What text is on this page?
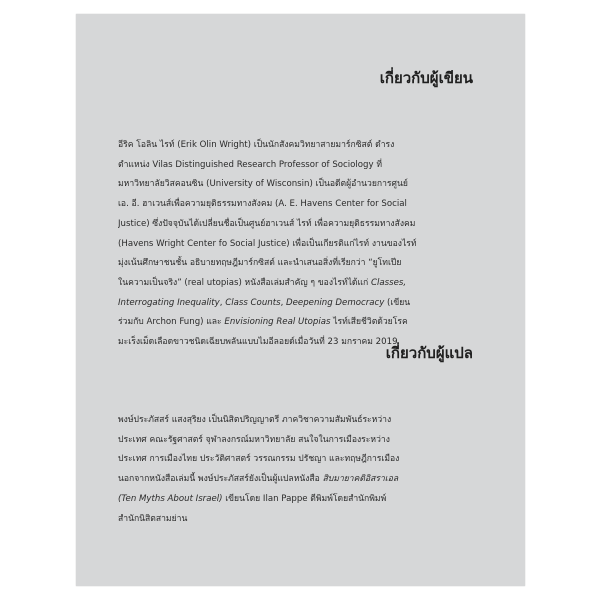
เกี่ยวกับผู้เขียน

อีริค โอลิน ไรท์ (Erik Olin Wright) เป็นนักสังคมวิทยาสายมาร์กซิสต์ ดำรง
ตำแหน่ง Vilas Distinguished Research Professor of Sociology ที่
มหาวิทยาลัยวิสคอนซิน (University of Wisconsin) เป็นอดีตผู้อำนวยการศูนย์
เอ. อี. ฮาเวนส์เพื่อความยุติธรรมทางสังคม (A. E. Havens Center for Social
Justice) ซึ่งปัจจุบันได้เปลี่ยนชื่อเป็นศูนย์ฮาเวนส์ ไรท์ เพื่อความยุติธรรมทางสังคม
(Havens Wright Center fo Social Justice) เพื่อเป็นเกียรติแก่ไรท์ งานของไรท์
มุ่งเน้นศึกษาชนชั้น อธิบายทฤษฎีมาร์กซิสต์ และนำเสนอสิ่งที่เรียกว่า “ยูโทเปีย
ในความเป็นจริง” (real utopias) หนังสือเล่มสำคัญ ๆ ของไรท์ได้แก่ Classes,
Interrogating Inequality, Class Counts, Deepening Democracy (เขียน
ร่วมกับ Archon Fung) และ Envisioning Real Utopias ไรท์เสียชีวิตด้วยโรค
มะเร็งเม็ดเลือดขาวชนิดเฉียบพลันแบบไมอีลอยด์เมื่อวันที่ 23 มกราคม 2019

เกี่ยวกับผู้แปล

พงษ์ประภัสสร์ แสงสุริยง เป็นนิสิตปริญญาตรี ภาควิชาความสัมพันธ์ระหว่าง
ประเทศ คณะรัฐศาสตร์ จุฬาลงกรณ์มหาวิทยาลัย สนใจในการเมืองระหว่าง
ประเทศ การเมืองไทย ประวัติศาสตร์ วรรณกรรม ปรัชญา และทฤษฎีการเมือง
นอกจากหนังสือเล่มนี้ พงษ์ประภัสสร์ยังเป็นผู้แปลหนังสือ สิบมายาคติอิสราเอล
(Ten Myths About Israel) เขียนโดย Ilan Pappe ตีพิมพ์โดยสำนักพิมพ์
สำนักนิสิตสามย่าน
